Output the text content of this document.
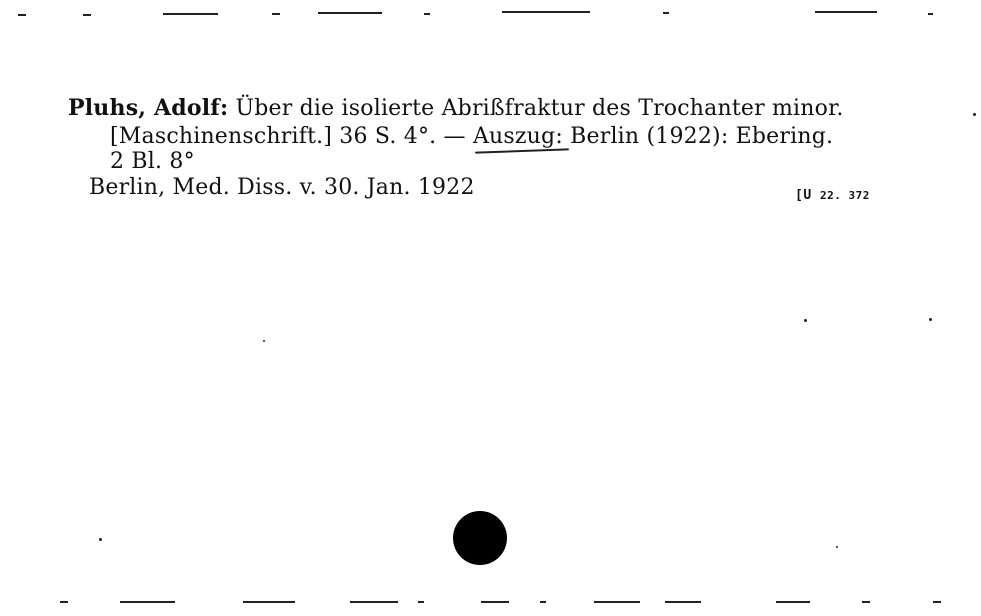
Pluhs, Adolf: Über die isolierte Abrißfraktur des Trochanter minor.
[Maschinenschrift.] 36 S. 4°. — Auszug: Berlin (1922): Ebering.
2 Bl. 8°
Berlin, Med. Diss. v. 30. Jan. 1922	[U 22. 372
